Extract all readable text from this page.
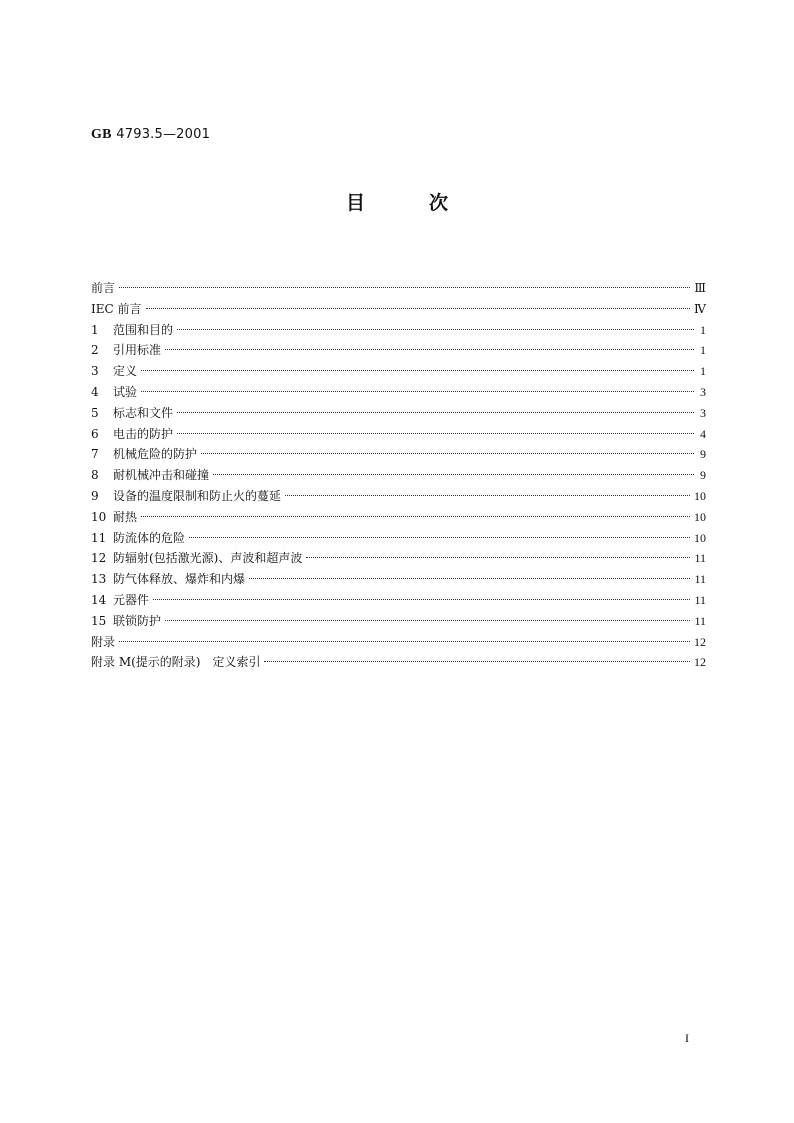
GB 4793.5—2001
目次
前言	Ⅲ
IEC 前言	Ⅳ
1	范围和目的	1
2	引用标准	1
3	定义	1
4	试验	3
5	标志和文件	3
6	电击的防护	4
7	机械危险的防护	9
8	耐机械冲击和碰撞	9
9	设备的温度限制和防止火的蔓延	10
10 耐热	10
11 防流体的危险	10
12 防辐射(包括激光源)、声波和超声波	11
13 防气体释放、爆炸和内爆	11
14 元器件	11
15 联锁防护	11
附录	12
附录 M(提示的附录)　定义索引	12
I
